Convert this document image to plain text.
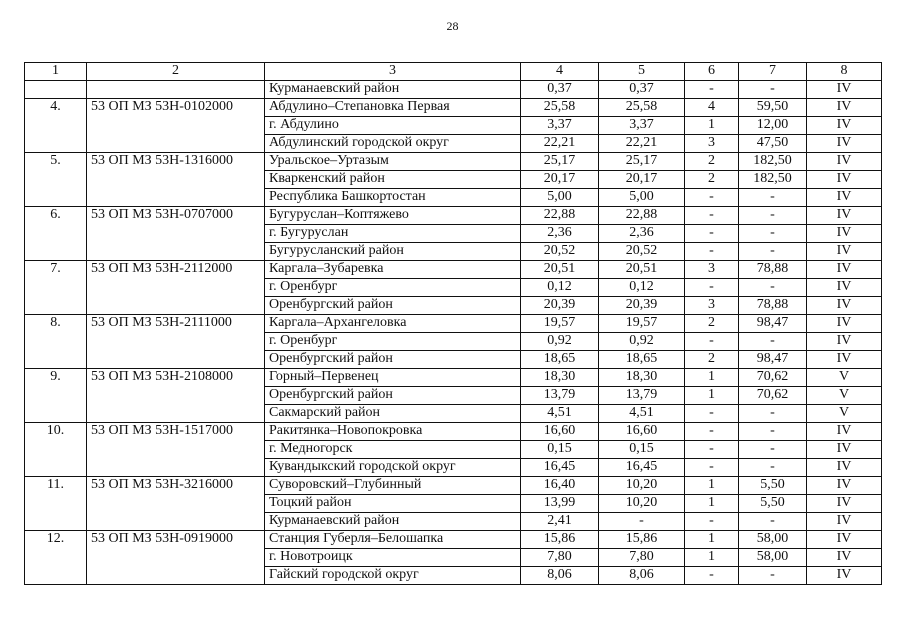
28
1	2	3	4	5	6	7	8
		Курманаевский район	0,37	0,37	-	-	IV
4.	53 ОП МЗ 53Н-0102000	Абдулино–Степановка Первая	25,58	25,58	4	59,50	IV
		г. Абдулино	3,37	3,37	1	12,00	IV
		Абдулинский городской округ	22,21	22,21	3	47,50	IV
5.	53 ОП МЗ 53Н-1316000	Уральское–Уртазым	25,17	25,17	2	182,50	IV
		Кваркенский район	20,17	20,17	2	182,50	IV
		Республика Башкортостан	5,00	5,00	-	-	IV
6.	53 ОП МЗ 53Н-0707000	Бугуруслан–Коптяжево	22,88	22,88	-	-	IV
		г. Бугуруслан	2,36	2,36	-	-	IV
		Бугурусланский район	20,52	20,52	-	-	IV
7.	53 ОП МЗ 53Н-2112000	Каргала–Зубаревка	20,51	20,51	3	78,88	IV
		г. Оренбург	0,12	0,12	-	-	IV
		Оренбургский район	20,39	20,39	3	78,88	IV
8.	53 ОП МЗ 53Н-2111000	Каргала–Архангеловка	19,57	19,57	2	98,47	IV
		г. Оренбург	0,92	0,92	-	-	IV
		Оренбургский район	18,65	18,65	2	98,47	IV
9.	53 ОП МЗ 53Н-2108000	Горный–Первенец	18,30	18,30	1	70,62	V
		Оренбургский район	13,79	13,79	1	70,62	V
		Сакмарский район	4,51	4,51	-	-	V
10.	53 ОП МЗ 53Н-1517000	Ракитянка–Новопокровка	16,60	16,60	-	-	IV
		г. Медногорск	0,15	0,15	-	-	IV
		Кувандыкский городской округ	16,45	16,45	-	-	IV
11.	53 ОП МЗ 53Н-3216000	Суворовский–Глубинный	16,40	10,20	1	5,50	IV
		Тоцкий район	13,99	10,20	1	5,50	IV
		Курманаевский район	2,41	-	-	-	IV
12.	53 ОП МЗ 53Н-0919000	Станция Губерля–Белошапка	15,86	15,86	1	58,00	IV
		г. Новотроицк	7,80	7,80	1	58,00	IV
		Гайский городской округ	8,06	8,06	-	-	IV
